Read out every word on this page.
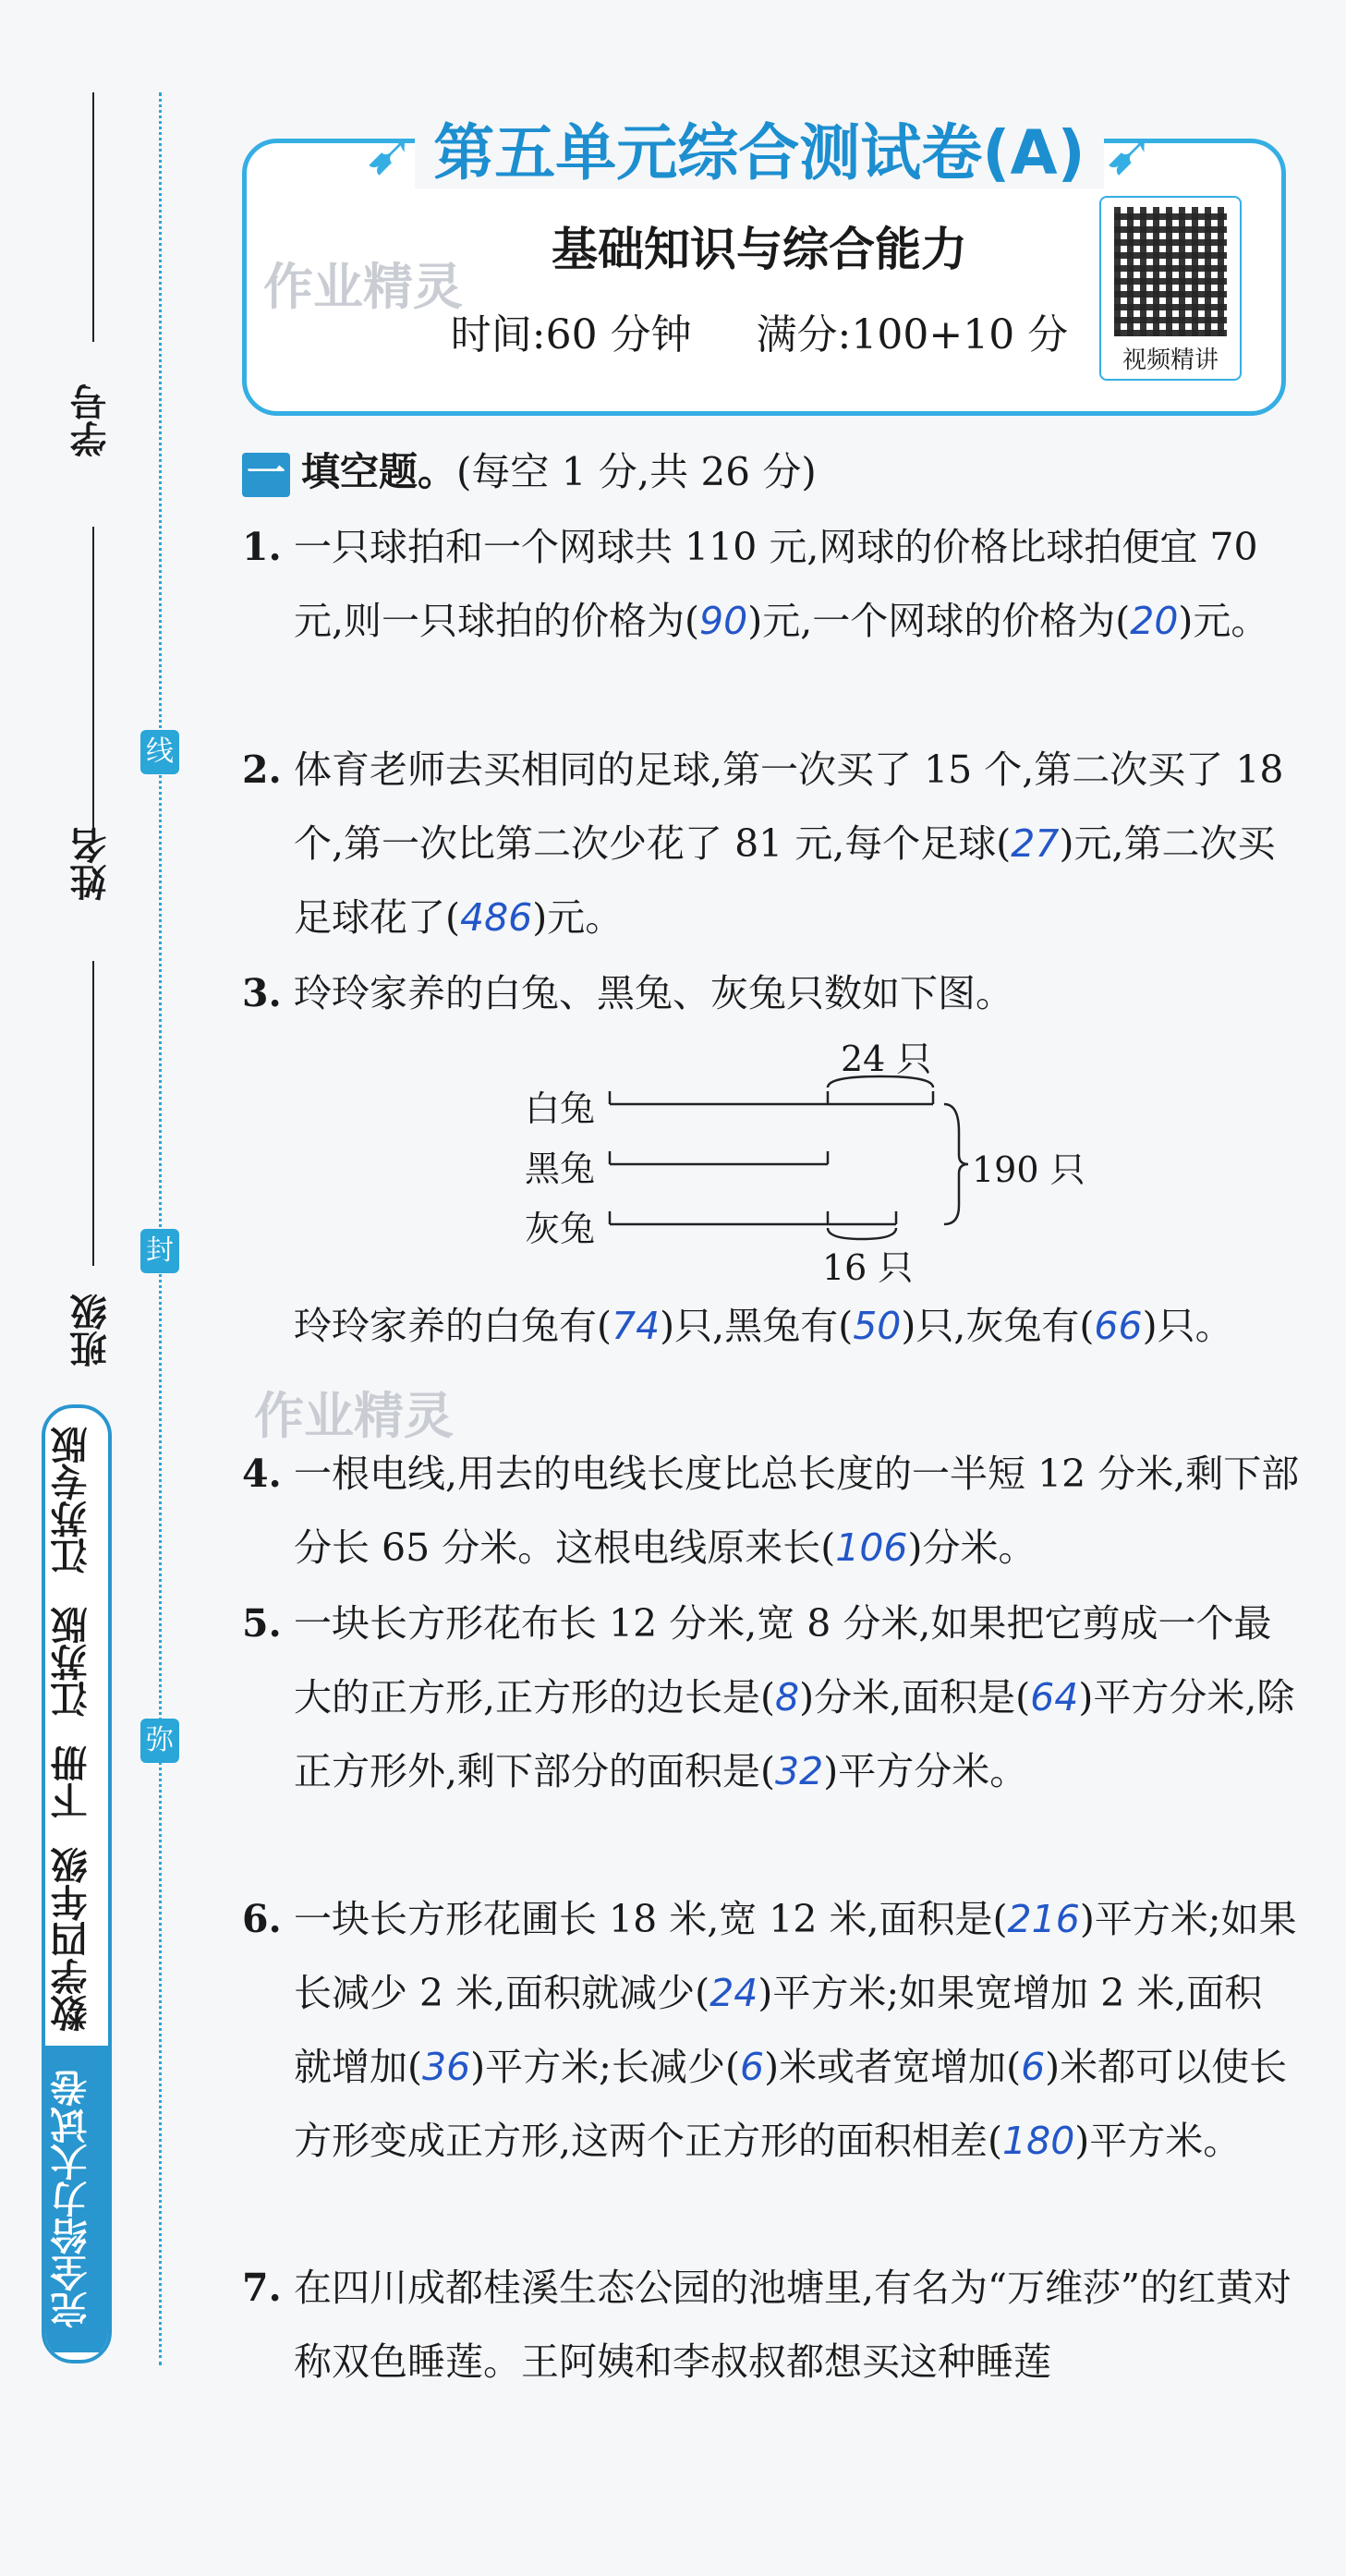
学号
姓名
班级
线
封
弥
江苏专版
江苏版
下册
数学四年级
完全给力大试卷
➹ 第五单元综合测试卷(A) ➹
基础知识与综合能力
时间:60 分钟 满分:100+10 分
作业精灵
视频精讲
一 填空题。(每空 1 分,共 26 分)
1. 一只球拍和一个网球共 110 元,网球的价格比球拍便宜 70 元,则一只球拍的价格为(90)元,一个网球的价格为(20)元。
2. 体育老师去买相同的足球,第一次买了 15 个,第二次买了 18 个,第一次比第二次少花了 81 元,每个足球(27)元,第二次买足球花了(486)元。
3. 玲玲家养的白兔、黑兔、灰兔只数如下图。
白兔
黑兔
灰兔
24 只
16 只
190 只
玲玲家养的白兔有(74)只,黑兔有(50)只,灰兔有(66)只。
作业精灵
4. 一根电线,用去的电线长度比总长度的一半短 12 分米,剩下部分长 65 分米。这根电线原来长(106)分米。
5. 一块长方形花布长 12 分米,宽 8 分米,如果把它剪成一个最大的正方形,正方形的边长是(8)分米,面积是(64)平方分米,除正方形外,剩下部分的面积是(32)平方分米。
6. 一块长方形花圃长 18 米,宽 12 米,面积是(216)平方米;如果长减少 2 米,面积就减少(24)平方米;如果宽增加 2 米,面积就增加(36)平方米;长减少(6)米或者宽增加(6)米都可以使长方形变成正方形,这两个正方形的面积相差(180)平方米。
7. 在四川成都桂溪生态公园的池塘里,有名为“万维莎”的红黄对称双色睡莲。王阿姨和李叔叔都想买这种睡莲
